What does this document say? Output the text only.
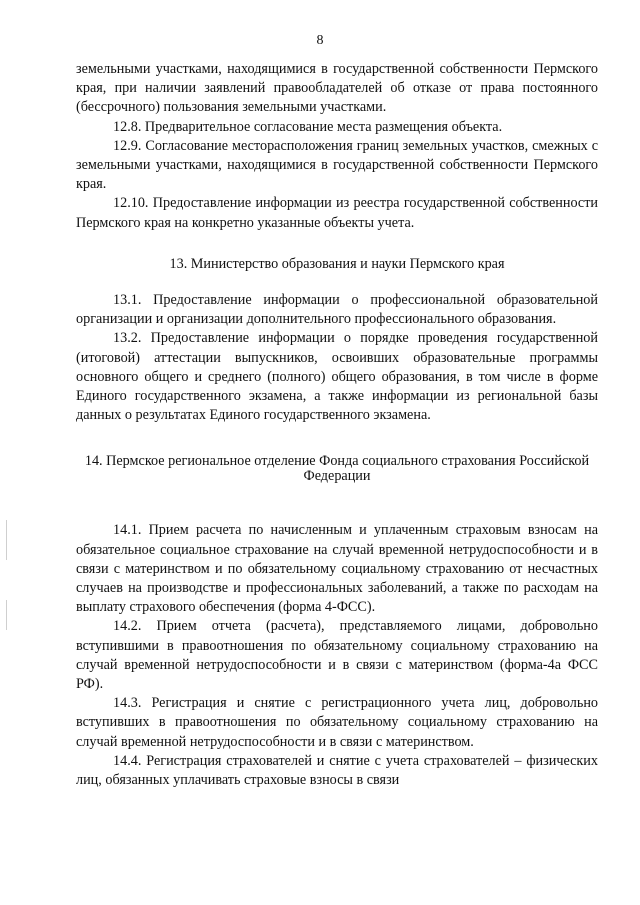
8

земельными участками, находящимися в государственной собственности Пермского края, при наличии заявлений правообладателей об отказе от права постоянного (бессрочного) пользования земельными участками.

12.8. Предварительное согласование места размещения объекта.

12.9. Согласование месторасположения границ земельных участков, смежных с земельными участками, находящимися в государственной собственности Пермского края.

12.10. Предоставление информации из реестра государственной собственности Пермского края на конкретно указанные объекты учета.

13. Министерство образования и науки Пермского края

13.1. Предоставление информации о профессиональной образовательной организации и организации дополнительного профессионального образования.

13.2. Предоставление информации о порядке проведения государственной (итоговой) аттестации выпускников, освоивших образовательные программы основного общего и среднего (полного) общего образования, в том числе в форме Единого государственного экзамена, а также информации из региональной базы данных о результатах Единого государственного экзамена.

14. Пермское региональное отделение Фонда социального страхования Российской Федерации

14.1. Прием расчета по начисленным и уплаченным страховым взносам на обязательное социальное страхование на случай временной нетрудоспособности и в связи с материнством и по обязательному социальному страхованию от несчастных случаев на производстве и профессиональных заболеваний, а также по расходам на выплату страхового обеспечения (форма 4-ФСС).

14.2. Прием отчета (расчета), представляемого лицами, добровольно вступившими в правоотношения по обязательному социальному страхованию на случай временной нетрудоспособности и в связи с материнством (форма-4а ФСС РФ).

14.3. Регистрация и снятие с регистрационного учета лиц, добровольно вступивших в правоотношения по обязательному социальному страхованию на случай временной нетрудоспособности и в связи с материнством.

14.4. Регистрация страхователей и снятие с учета страхователей – физических лиц, обязанных уплачивать страховые взносы в связи
